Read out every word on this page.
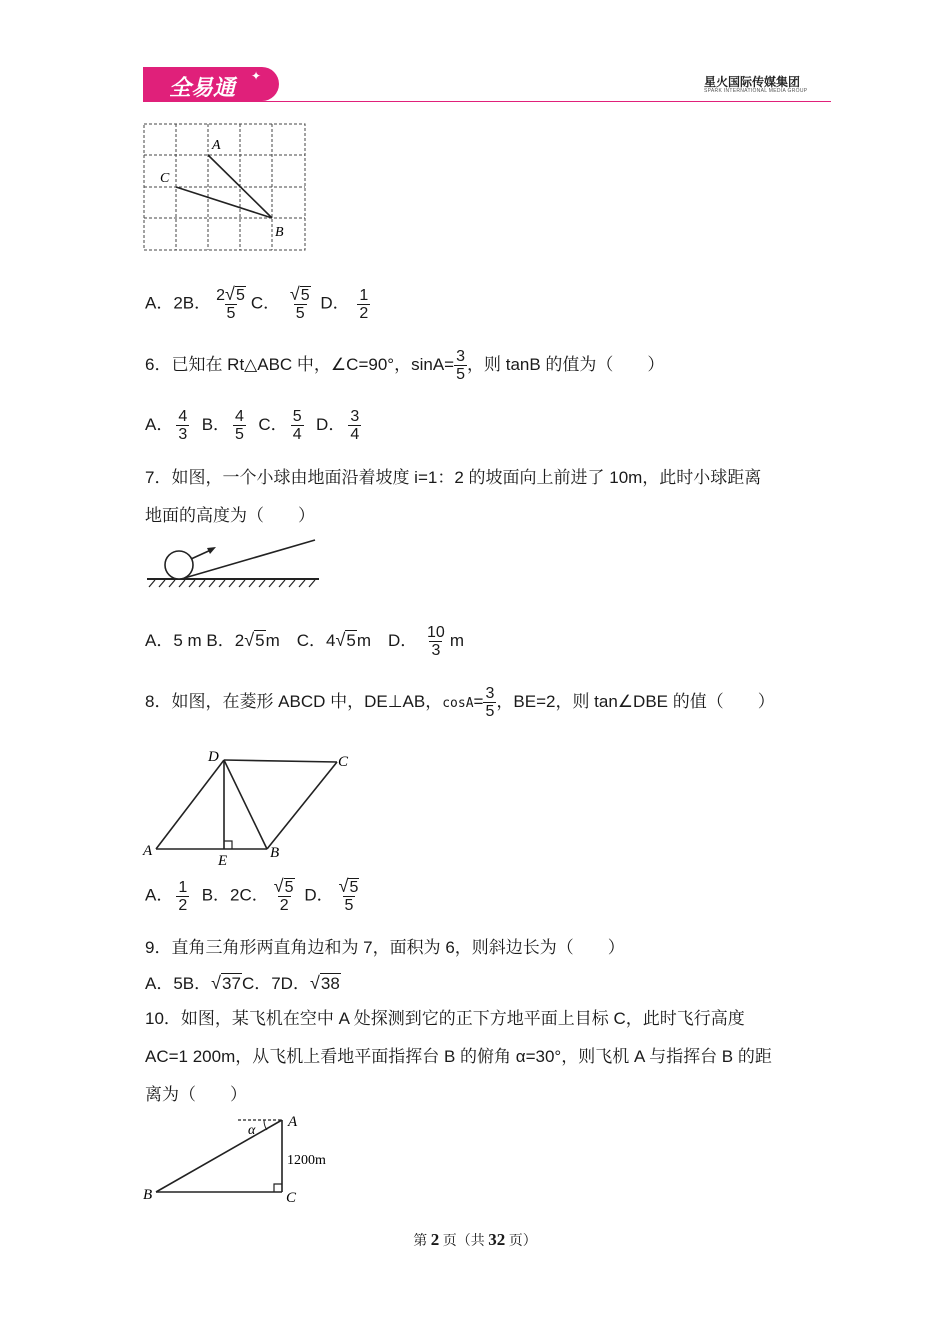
全易通 ✦	星火国际传媒集团
SPARK INTERNATIONAL MEDIA GROUP
A
C
B
A．2B． $\frac{2√5}{5}$ C． $\frac{√5}{5}$ D． $\frac{1}{2}$
6．已知在 Rt△ABC 中，∠C=90°，$\sin A= \frac{3}{5}$ ，则 tanB 的值为（　　）
A． $\frac{4}{3}$ B． $\frac{4}{5}$ C． $\frac{5}{4}$ D． $\frac{3}{4}$
7．如图，一个小球由地面沿着坡度 i=1：2 的坡面向上前进了 10m，此时小球距离
地面的高度为（　　）
A．5 m B．2√5m　C．4√5m　D． $\frac{10}{3}$ m
8．如图，在菱形 ABCD 中，DE⊥AB，$\cos A= \frac{3}{5}$ ，BE=2，则 tan∠DBE 的值（　　）
D	C
A
E	B
A． $\frac{1}{2}$ B．2C． $\frac{√5}{2}$ D． $\frac{√5}{5}$
9．直角三角形两直角边和为 7，面积为 6，则斜边长为（　　）
A．5B．√37C．7D．√38
10．如图，某飞机在空中 A 处探测到它的正下方地平面上目标 C，此时飞行高度
AC=1 200m，从飞机上看地平面指挥台 B 的俯角 α=30°，则飞机 A 与指挥台 B 的距
离为（　　）
α
A
1200m
B	C
第 2 页（共 32 页）
